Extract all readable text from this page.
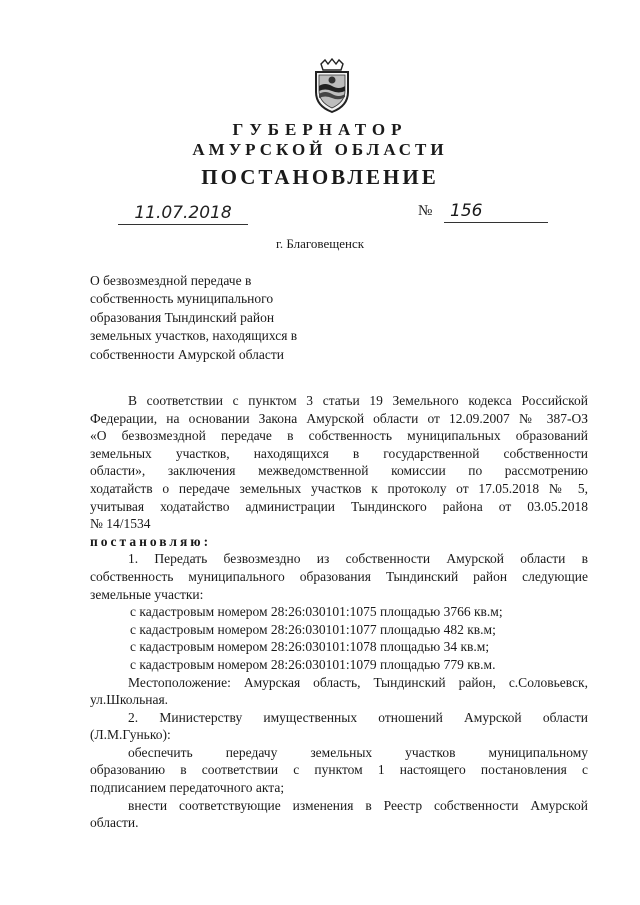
ГУБЕРНАТОР
АМУРСКОЙ ОБЛАСТИ
ПОСТАНОВЛЕНИЕ
11.07.2018	№	156
г. Благовещенск
О безвозмездной передаче в
собственность муниципального
образования Тындинский район
земельных участков, находящихся в
собственности Амурской области
В соответствии с пунктом 3 статьи 19 Земельного кодекса Российской
Федерации, на основании Закона Амурской области от 12.09.2007 № 387-ОЗ
«О безвозмездной передаче в собственность муниципальных образований
земельных участков, находящихся в государственной собственности
области», заключения межведомственной комиссии по рассмотрению
ходатайств о передаче земельных участков к протоколу от 17.05.2018 № 5,
учитывая ходатайство администрации Тындинского района от 03.05.2018
№ 14/1534
постановляю:
1. Передать безвозмездно из собственности Амурской области в
собственность муниципального образования Тындинский район следующие
земельные участки:
с кадастровым номером 28:26:030101:1075 площадью 3766 кв.м;
с кадастровым номером 28:26:030101:1077 площадью 482 кв.м;
с кадастровым номером 28:26:030101:1078 площадью 34 кв.м;
с кадастровым номером 28:26:030101:1079 площадью 779 кв.м.
Местоположение: Амурская область, Тындинский район, с.Соловьевск,
ул.Школьная.
2. Министерству имущественных отношений Амурской области
(Л.М.Гунько):
обеспечить передачу земельных участков муниципальному
образованию в соответствии с пунктом 1 настоящего постановления с
подписанием передаточного акта;
внести соответствующие изменения в Реестр собственности Амурской
области.
